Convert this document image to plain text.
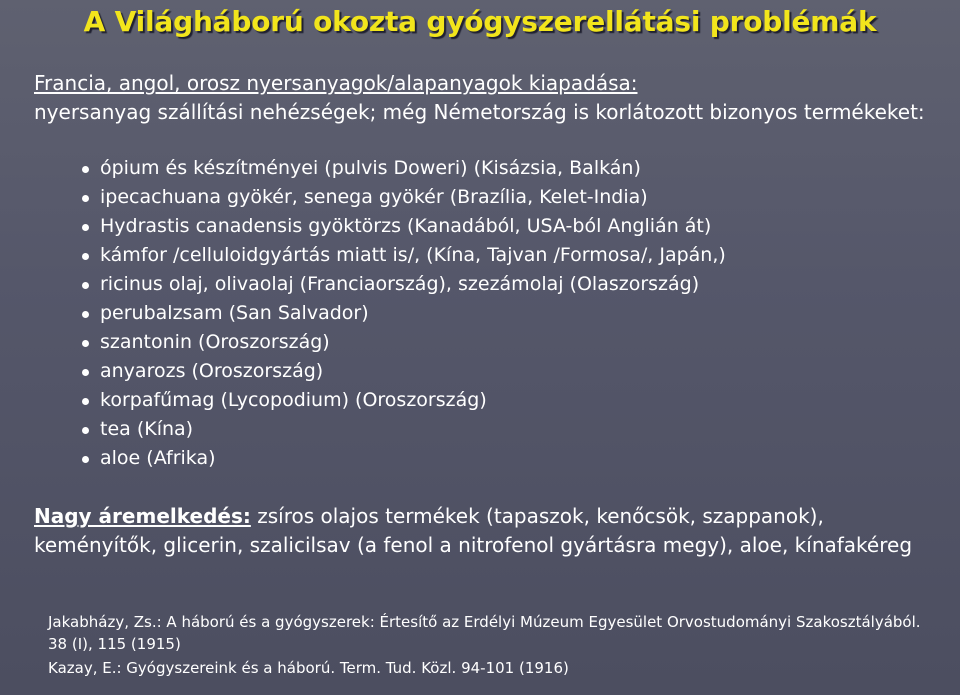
A Világháború okozta gyógyszerellátási problémák
Francia, angol, orosz nyersanyagok/alapanyagok kiapadása:
nyersanyag szállítási nehézségek; még Németország is korlátozott bizonyos termékeket:
ópium és készítményei (pulvis Doweri) (Kisázsia, Balkán)
ipecachuana gyökér, senega gyökér (Brazília, Kelet-India)
Hydrastis canadensis gyöktörzs (Kanadából, USA-ból Anglián át)
kámfor /celluloidgyártás miatt is/, (Kína, Tajvan /Formosa/, Japán,)
ricinus olaj, olivaolaj (Franciaország), szezámolaj (Olaszország)
perubalzsam (San Salvador)
szantonin (Oroszország)
anyarozs (Oroszország)
korpafűmag (Lycopodium) (Oroszország)
tea (Kína)
aloe (Afrika)
Nagy áremelkedés: zsíros olajos termékek (tapaszok, kenőcsök, szappanok), keményítők, glicerin, szalicilsav (a fenol a nitrofenol gyártásra megy), aloe, kínafakéreg
Jakabházy, Zs.: A háború és a gyógyszerek: Értesítő az Erdélyi Múzeum Egyesület Orvostudományi Szakosztályából. 38 (I), 115 (1915)
Kazay, E.: Gyógyszereink és a háború. Term. Tud. Közl. 94-101 (1916)
